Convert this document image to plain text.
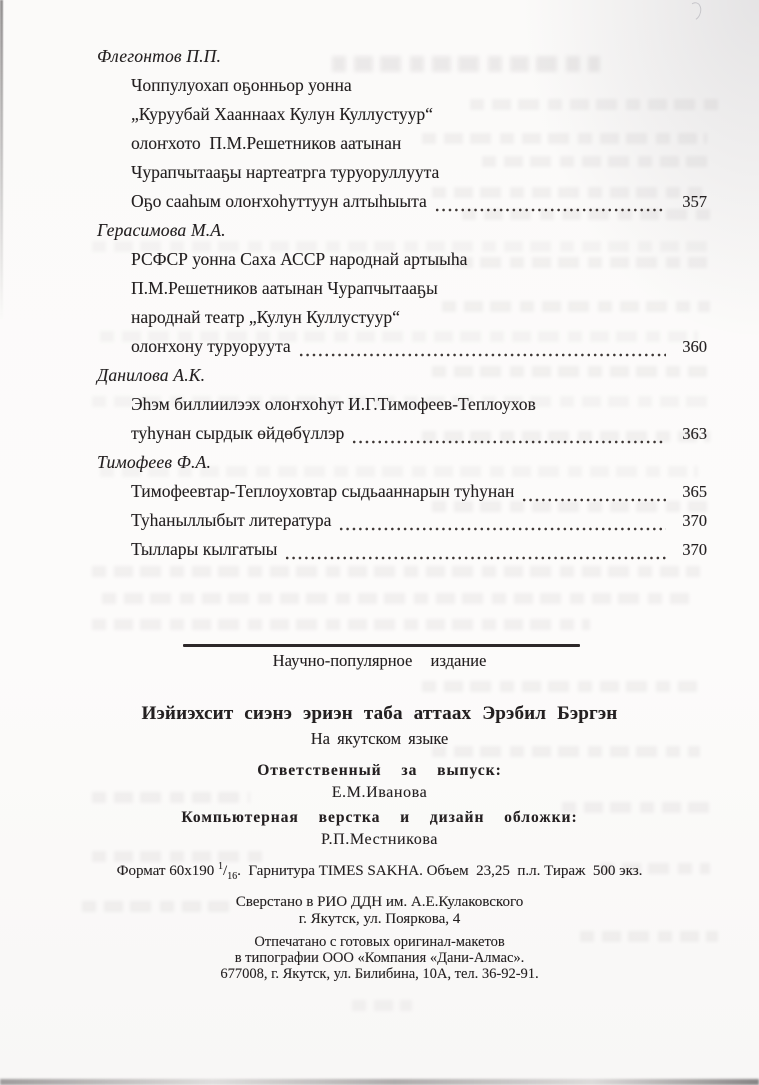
Флегонтов П.П.
Чоппулуохап оҕонньор уонна
„Куруубай Хааннаах Кулун Куллустуур“
олоҥхото  П.М.Решетников аатынан
Чурапчытааҕы нартеатрга туруоруллуута
Оҕо сааһым олоҥхоһуттуун алтыһыыта	357
Герасимова М.А.
РСФСР уонна Саха АССР народнай артыыһа
П.М.Решетников аатынан Чурапчытааҕы
народнай театр „Кулун Куллустуур“
олоҥхону туруоруута	360
Данилова А.К.
Эһэм биллиилээх олоҥхоһут И.Г.Тимофеев-Теплоухов
туһунан сырдык өйдөбүллэр	363
Тимофеев Ф.А.
Тимофеевтар-Теплоуховтар сыдьааннарын туһунан	365
Туһаныллыбыт литература	370
Тыллары кылгатыы	370
Научно-популярное  издание
Иэйиэхсит сиэнэ эриэн таба аттаах Эрэбил Бэргэн
На якутском языке
Ответственный  за  выпуск:
Е.М.Иванова
Компьютерная  верстка  и  дизайн  обложки:
Р.П.Местникова
Формат 60x190 $^1/_{16}$.  Гарнитура TIMES SAKHA. Объем  23,25  п.л. Тираж  500 экз.
Сверстано в РИО ДДН им. А.Е.Кулаковского
г. Якутск, ул. Пояркова, 4
Отпечатано с готовых оригинал-макетов
в типографии ООО «Компания «Дани-Алмас».
677008, г. Якутск, ул. Билибина, 10А, тел. 36-92-91.
